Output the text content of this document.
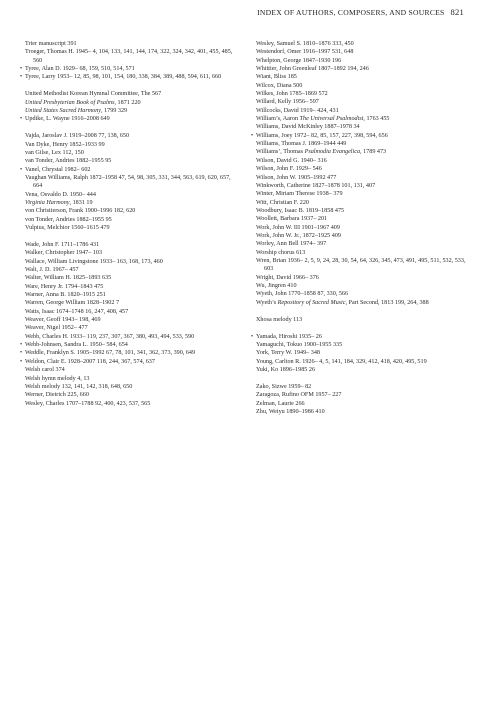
INDEX OF AUTHORS, COMPOSERS, AND SOURCES 821
Trier manuscript 391
Troeger, Thomas H. 1945– 4, 104, 133, 141, 144, 174, 322, 324, 342, 401, 455, 485, 560
• Tyree, Alan D. 1929– 68, 159, 510, 514, 571
• Tyree, Larry 1953– 12, 85, 98, 101, 154, 180, 338, 384, 389, 488, 594, 611, 660
United Methodist Korean Hymnal Committee, The 567
United Presbyterian Book of Psalms, 1871 220
United States Sacred Harmony, 1799 329
• Updike, L. Wayne 1916–2008 649
Vajda, Jaroslav J. 1919–2008 77, 138, 650
Van Dyke, Henry 1852–1933 99
van Gilse, Lex 112, 150
van Tonder, Andries 1882–1955 95
• Vanel, Chrystal 1982– 602
Vaughan Williams, Ralph 1872–1958 47, 54, 98, 305, 331, 344, 563, 619, 620, 657, 664
Vena, Osvaldo D. 1950– 444
Virginia Harmony, 1831 19
von Christierson, Frank 1900–1996 182, 620
von Tonder, Andries 1882–1955 95
Vulpius, Melchior 1560–1615 479
Wade, John F. 1711–1786 431
Walker, Christopher 1947– 103
Wallace, William Livingstone 1933– 163, 168, 173, 460
Walt, J. D. 1967– 457
Walter, William H. 1825–1893 635
Ware, Henry Jr. 1794–1843 475
Warner, Anna B. 1820–1915 251
Warren, George William 1828–1902 7
Watts, Isaac 1674–1748 16, 247, 408, 457
Weaver, Geoff 1943– 198, 469
Weaver, Nigel 1952– 477
Webb, Charles H. 1933– 119, 237, 307, 367, 380, 493, 494, 533, 590
• Webb-Johnsen, Sandra L. 1950– 584, 654
• Weddle, Franklyn S. 1905–1992 67, 78, 101, 341, 362, 373, 390, 649
• Weldon, Clair E. 1928–2007 118, 244, 367, 574, 637
Welsh carol 374
Welsh hymn melody 4, 13
Welsh melody 132, 141, 142, 318, 648, 650
Werner, Dietrich 225, 660
Wesley, Charles 1707–1788 92, 400, 423, 537, 565
Wesley, Samuel S. 1810–1876 333, 450
Westendorf, Omer 1916–1997 531, 648
Whelpton, George 1847–1930 196
Whittier, John Greenleaf 1807–1892 194, 246
Wiant, Bliss 185
Wilcox, Diana 500
Wilkes, John 1785–1869 572
Willard, Kelly 1956– 597
Willcocks, David 1919– 424, 431
William’s, Aaron The Universal Psalmodist, 1763 455
Williams, David McKinley 1887–1978 34
• Williams, Joey 1972– 82, 85, 157, 227, 398, 594, 656
Williams, Thomas J. 1869–1944 449
Williams’, Thomas Psalmodia Evangelica, 1789 473
Wilson, David G. 1940– 316
Wilson, John F. 1929– 546
Wilson, John W. 1905–1992 477
Winkworth, Catherine 1827–1878 101, 131, 407
Winter, Miriam Therese 1938– 379
Witt, Christian F. 220
Woodbury, Isaac B. 1819–1858 475
Woollett, Barbara 1937– 201
Work, John W. III 1901–1967 409
Work, John W. Jr., 1872–1925 409
Worley, Ann Bell 1974– 397
Worship chorus 613
Wren, Brian 1936– 2, 5, 9, 24, 28, 30, 54, 64, 326, 345, 473, 491, 495, 511, 532, 533, 603
Wright, David 1966– 376
Wu, Jingren 410
Wyeth, John 1770–1858 87, 330, 566
Wyeth’s Repository of Sacred Music, Part Second, 1813 199, 264, 388
Xhosa melody 113
• Yamada, Hiroshi 1935– 26
Yamaguchi, Tokuo 1900–1955 335
York, Terry W. 1949– 348
Young, Carlton R. 1926– 4, 5, 141, 184, 329, 412, 418, 420, 495, 519
Yuki, Ko 1896–1985 26
Zako, Sizwe 1959– 82
Zaragoza, Rufino OFM 1957– 227
Zelman, Laurie 266
Zhu, Weiyu 1890–1986 410
